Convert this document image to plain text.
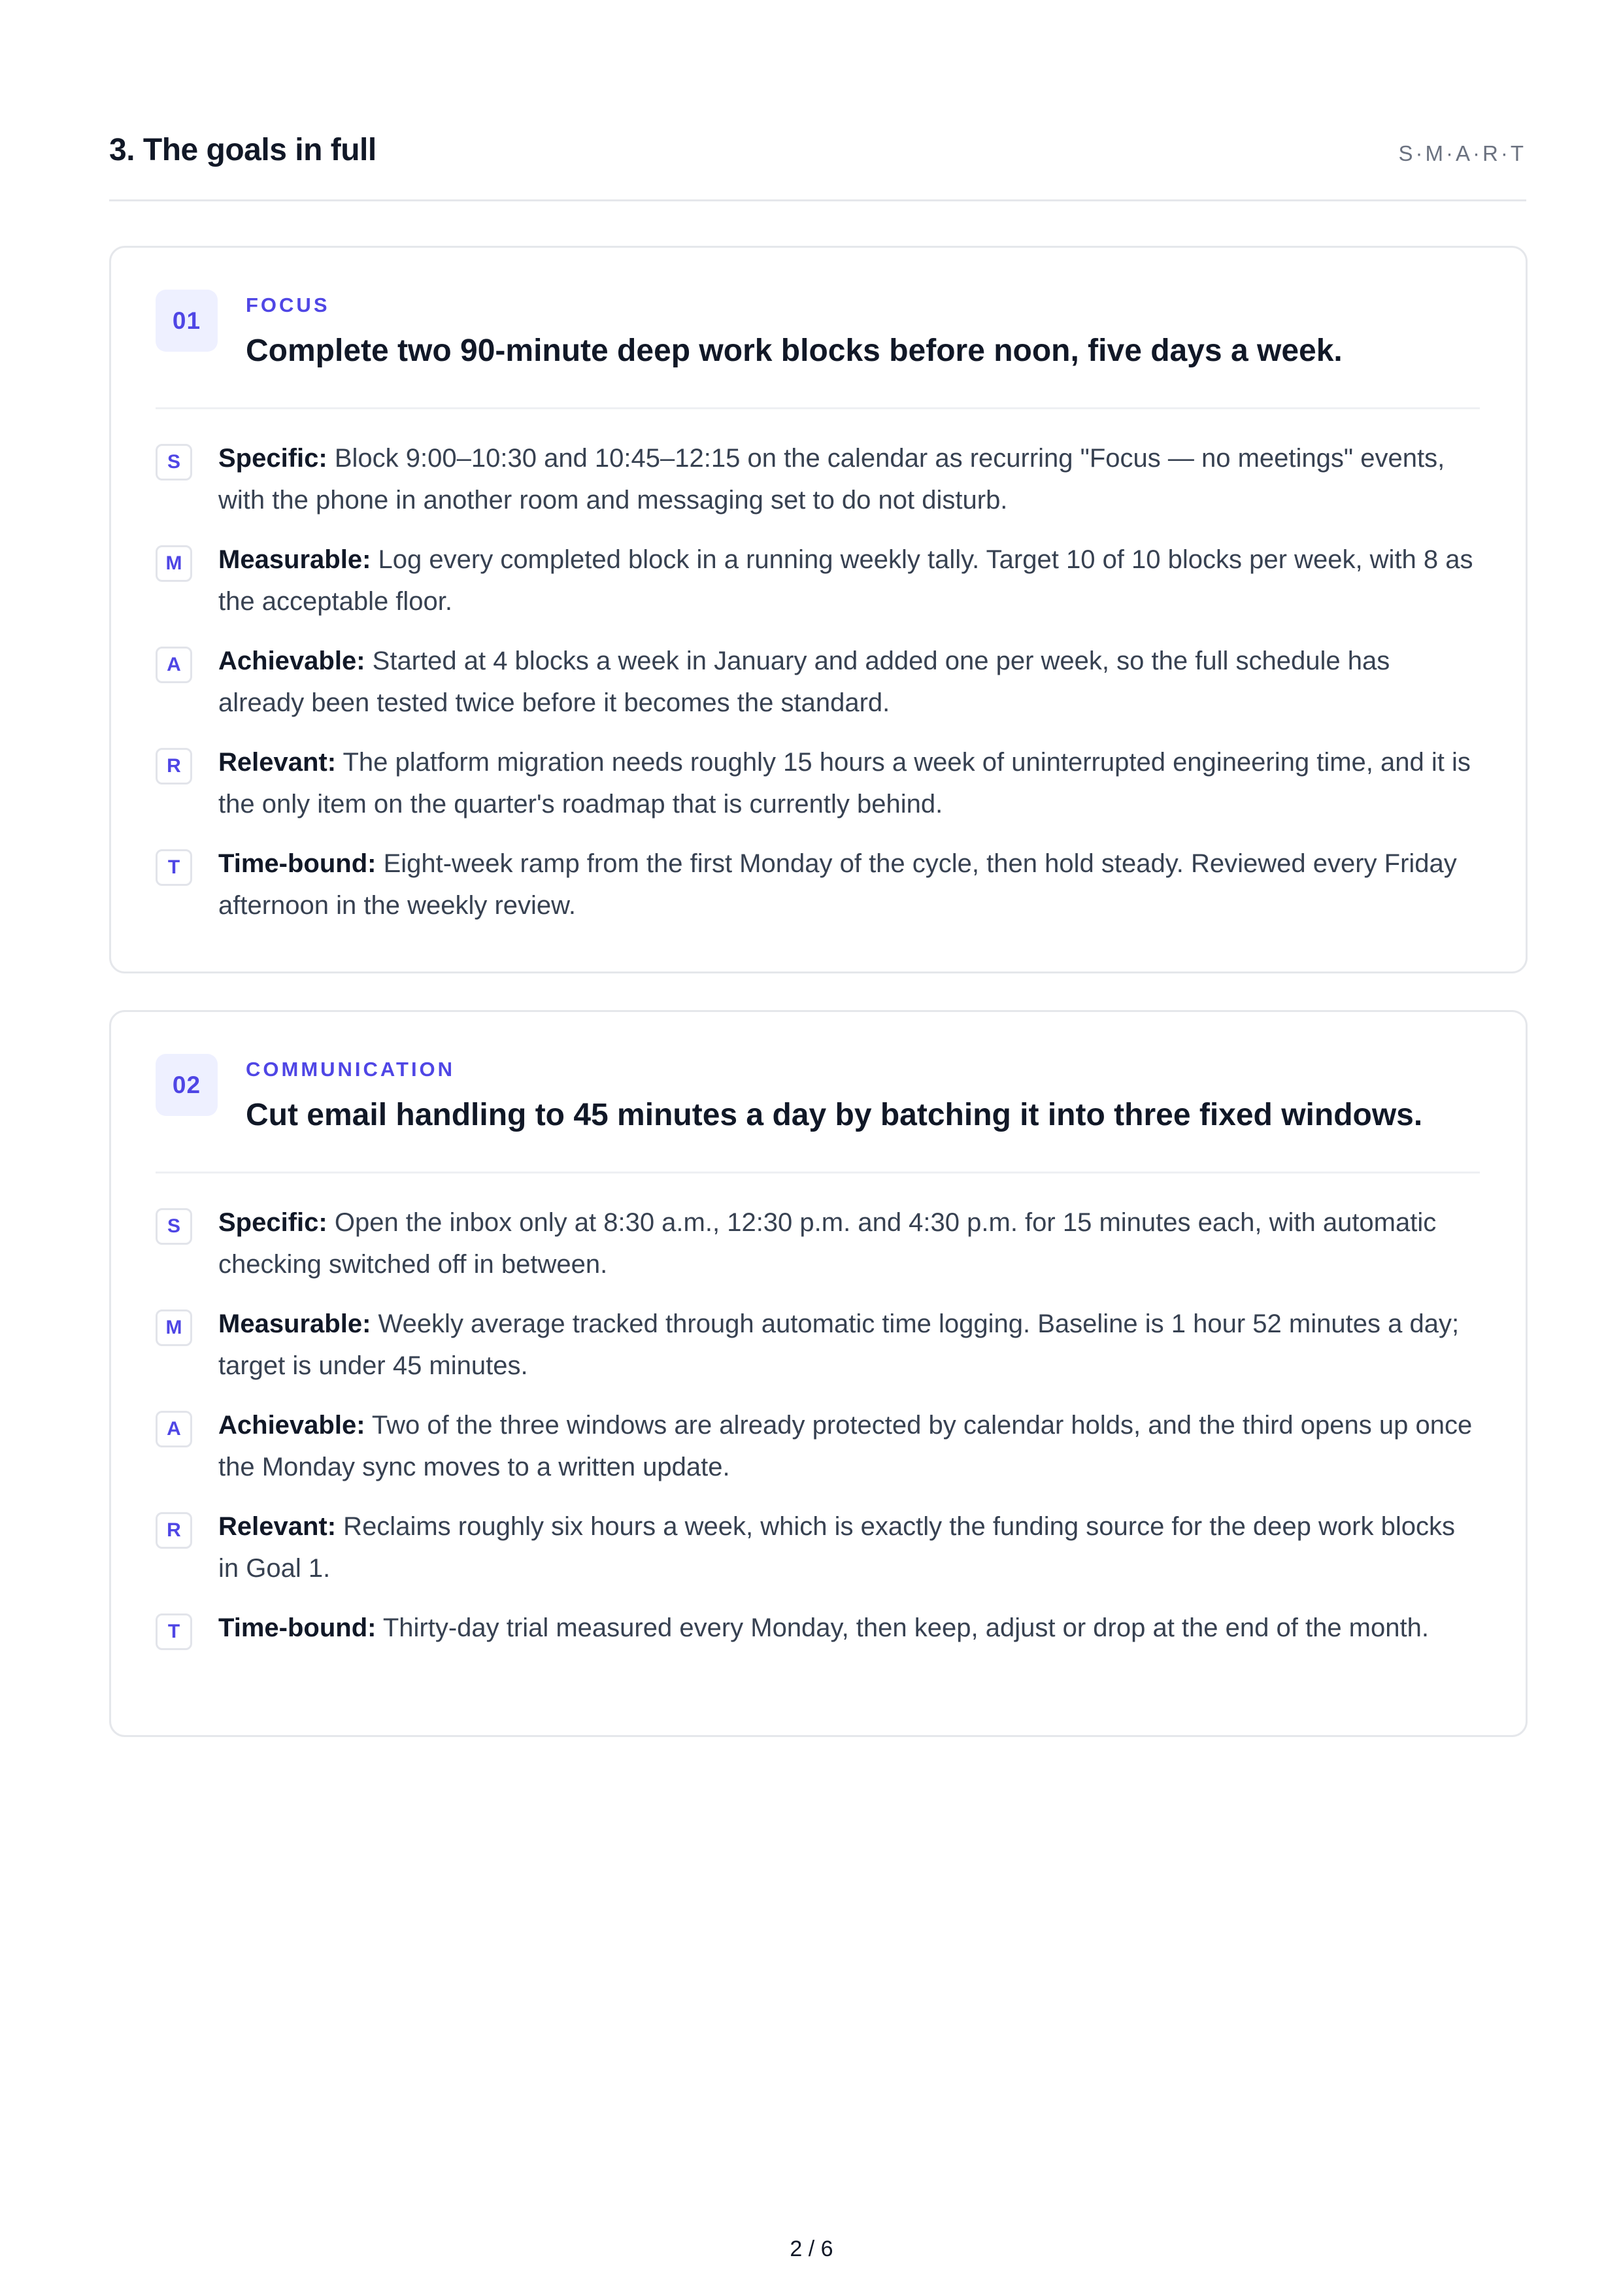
3. The goals in full	S·M·A·R·T
01
FOCUS
Complete two 90-minute deep work blocks before noon, five days a week.
S	Specific: Block 9:00–10:30 and 10:45–12:15 on the calendar as recurring "Focus — no meetings" events, with the phone in another room and messaging set to do not disturb.
M	Measurable: Log every completed block in a running weekly tally. Target 10 of 10 blocks per week, with 8 as the acceptable floor.
A	Achievable: Started at 4 blocks a week in January and added one per week, so the full schedule has already been tested twice before it becomes the standard.
R	Relevant: The platform migration needs roughly 15 hours a week of uninterrupted engineering time, and it is the only item on the quarter's roadmap that is currently behind.
T	Time-bound: Eight-week ramp from the first Monday of the cycle, then hold steady. Reviewed every Friday afternoon in the weekly review.
02
COMMUNICATION
Cut email handling to 45 minutes a day by batching it into three fixed windows.
S	Specific: Open the inbox only at 8:30 a.m., 12:30 p.m. and 4:30 p.m. for 15 minutes each, with automatic checking switched off in between.
M	Measurable: Weekly average tracked through automatic time logging. Baseline is 1 hour 52 minutes a day; target is under 45 minutes.
A	Achievable: Two of the three windows are already protected by calendar holds, and the third opens up once the Monday sync moves to a written update.
R	Relevant: Reclaims roughly six hours a week, which is exactly the funding source for the deep work blocks in Goal 1.
T	Time-bound: Thirty-day trial measured every Monday, then keep, adjust or drop at the end of the month.
2 / 6
